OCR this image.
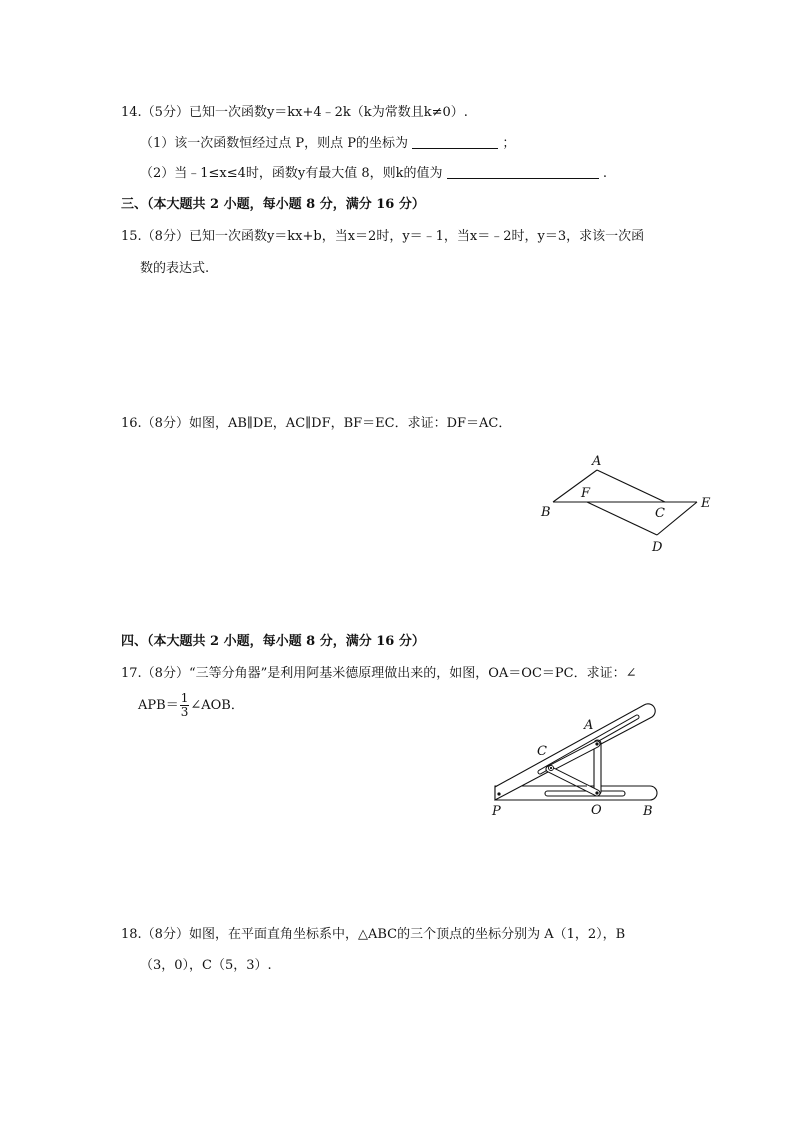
14.（5分）已知一次函数y＝kx+4﹣2k（k为常数且k≠0）.
（1）该一次函数恒经过点 P，则点 P的坐标为	；
（2）当﹣1≤x≤4时，函数y有最大值 8，则k的值为	.
三、（本大题共 2 小题，每小题 8 分，满分 16 分）
15.（8分）已知一次函数y＝kx+b，当x＝2时，y＝﹣1，当x＝﹣2时，y＝3，求该一次函
数的表达式.
16.（8分）如图，AB∥DE，AC∥DF，BF＝EC．求证：DF＝AC．
A
B
F
C
E
D
四、（本大题共 2 小题，每小题 8 分，满分 16 分）
17.（8分）“三等分角器”是利用阿基米德原理做出来的，如图，OA＝OC＝PC．求证：∠
$APB= \frac{1}{3}$ ∠AOB．
A
C
P	O	B
18.（8分）如图，在平面直角坐标系中，△ABC的三个顶点的坐标分别为 A（1，2），B
（3，0），C（5，3）.
